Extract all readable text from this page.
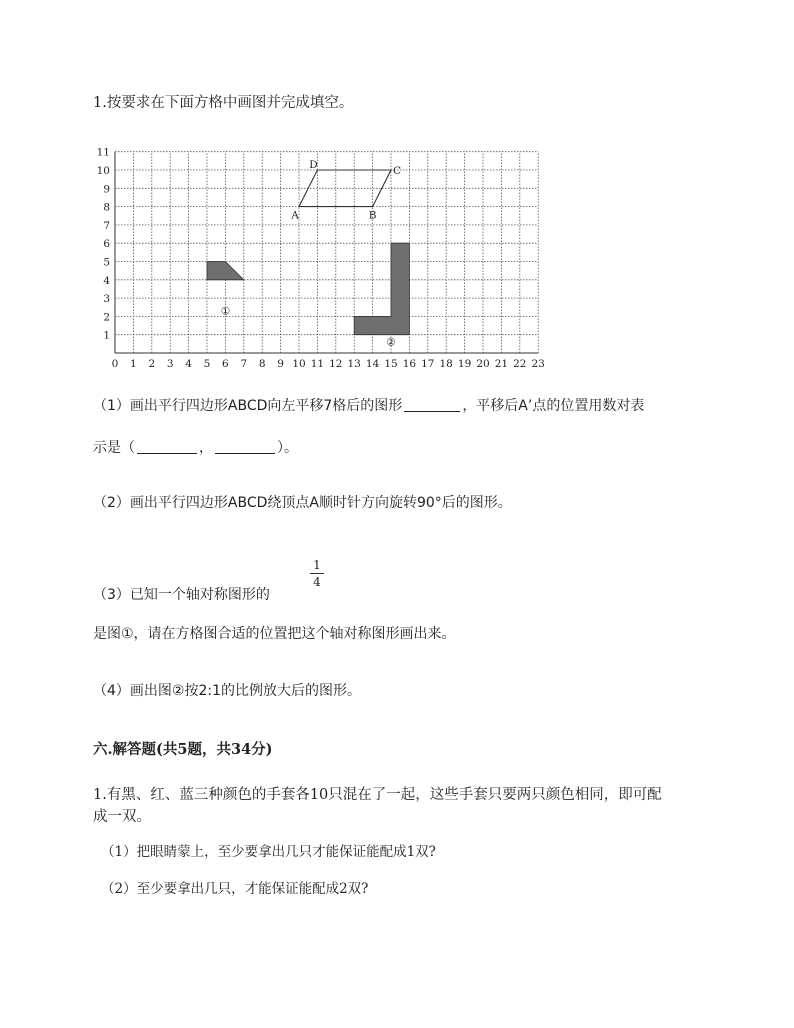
1.按要求在下面方格中画图并完成填空。
0 1 2 3 4 5 6 7 8 9 10 11 12 13 14 15 16 17 18 19 20 21 22 23
1
2
3
4
5
6
7
8
9
10
11
A	B
C
D
①
②
（1）画出平行四边形ABCD向左平移7格后的图形	，平移后A’点的位置用数对表
示是（	，	）。
（2）画出平行四边形ABCD绕顶点A顺时针方向旋转90°后的图形。
1
4
（3）已知一个轴对称图形的
是图①，请在方格图合适的位置把这个轴对称图形画出来。
（4）画出图②按2:1的比例放大后的图形。
六.解答题(共5题，共34分)
1.有黑、红、蓝三种颜色的手套各10只混在了一起，这些手套只要两只颜色相同，即可配
成一双。
（1）把眼睛蒙上，至少要拿出几只才能保证能配成1双?
（2）至少要拿出几只，才能保证能配成2双?
